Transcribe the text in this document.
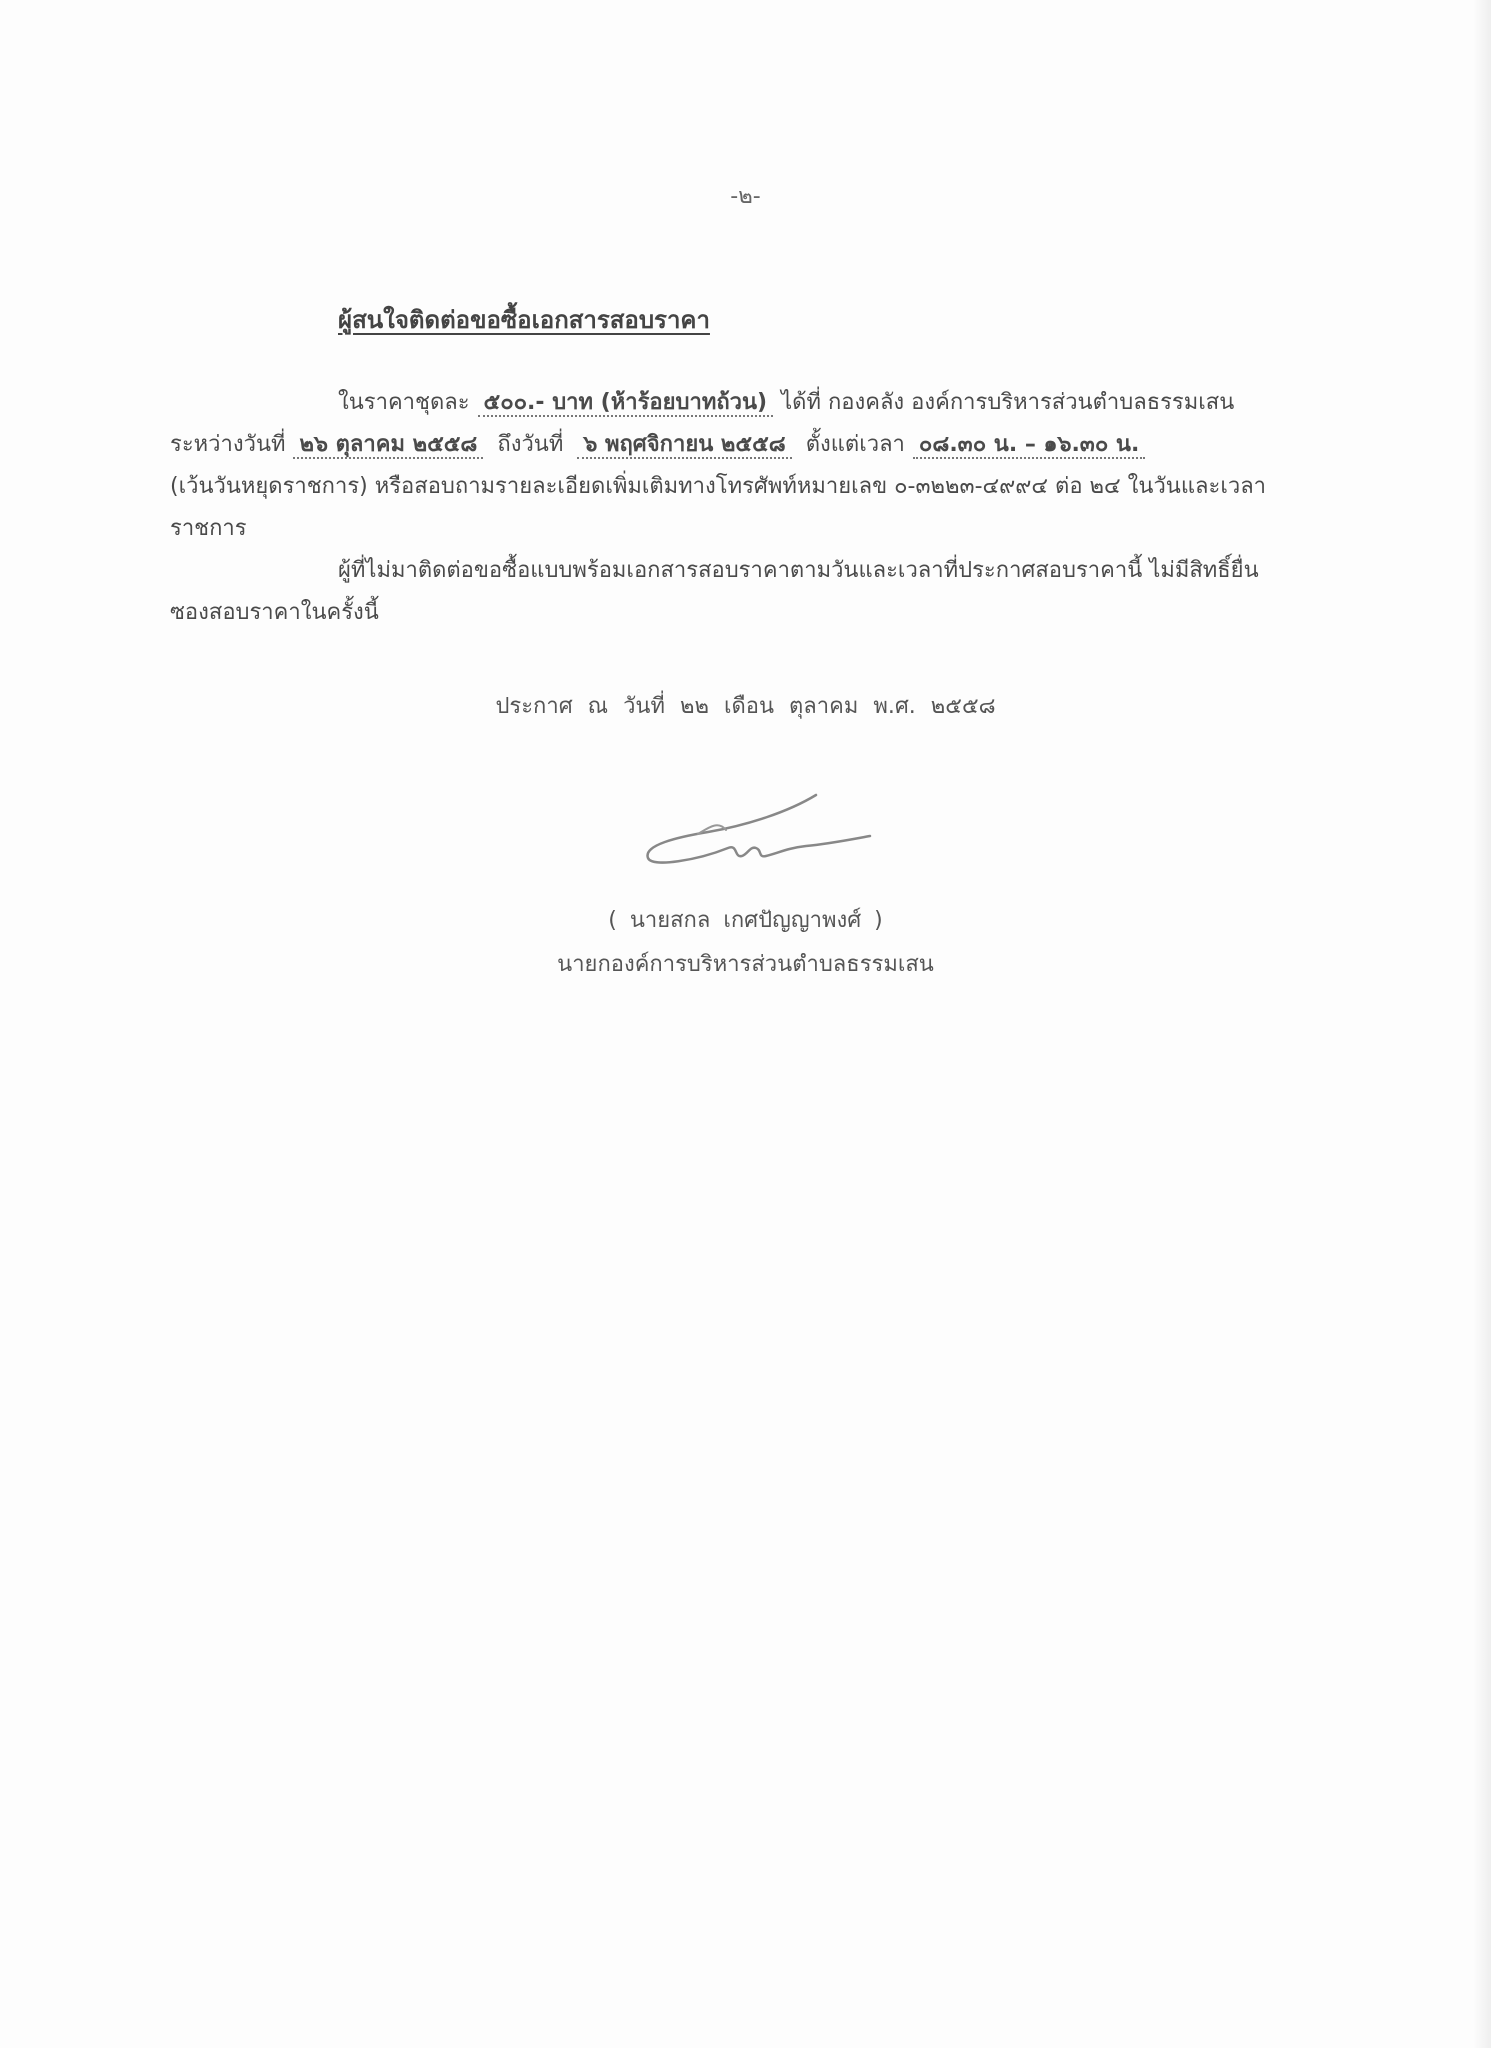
-๒-
ผู้สนใจติดต่อขอซื้อเอกสารสอบราคา
ในราคาชุดละ ๕๐๐.- บาท (ห้าร้อยบาทถ้วน) ได้ที่ กองคลัง องค์การบริหารส่วนตำบลธรรมเสน
ระหว่างวันที่ ๒๖ ตุลาคม ๒๕๕๘ ถึงวันที่ ๖ พฤศจิกายน ๒๕๕๘ ตั้งแต่เวลา ๐๘.๓๐ น. – ๑๖.๓๐ น.
(เว้นวันหยุดราชการ) หรือสอบถามรายละเอียดเพิ่มเติมทางโทรศัพท์หมายเลข ๐-๓๒๒๓-๔๙๙๔ ต่อ ๒๔ ในวันและเวลา
ราชการ
ผู้ที่ไม่มาติดต่อขอซื้อแบบพร้อมเอกสารสอบราคาตามวันและเวลาที่ประกาศสอบราคานี้ ไม่มีสิทธิ์ยื่น
ซองสอบราคาในครั้งนี้
ประกาศ ณ วันที่ ๒๒ เดือน ตุลาคม พ.ศ. ๒๕๕๘
( นายสกล เกศปัญญาพงศ์ )
นายกองค์การบริหารส่วนตำบลธรรมเสน
